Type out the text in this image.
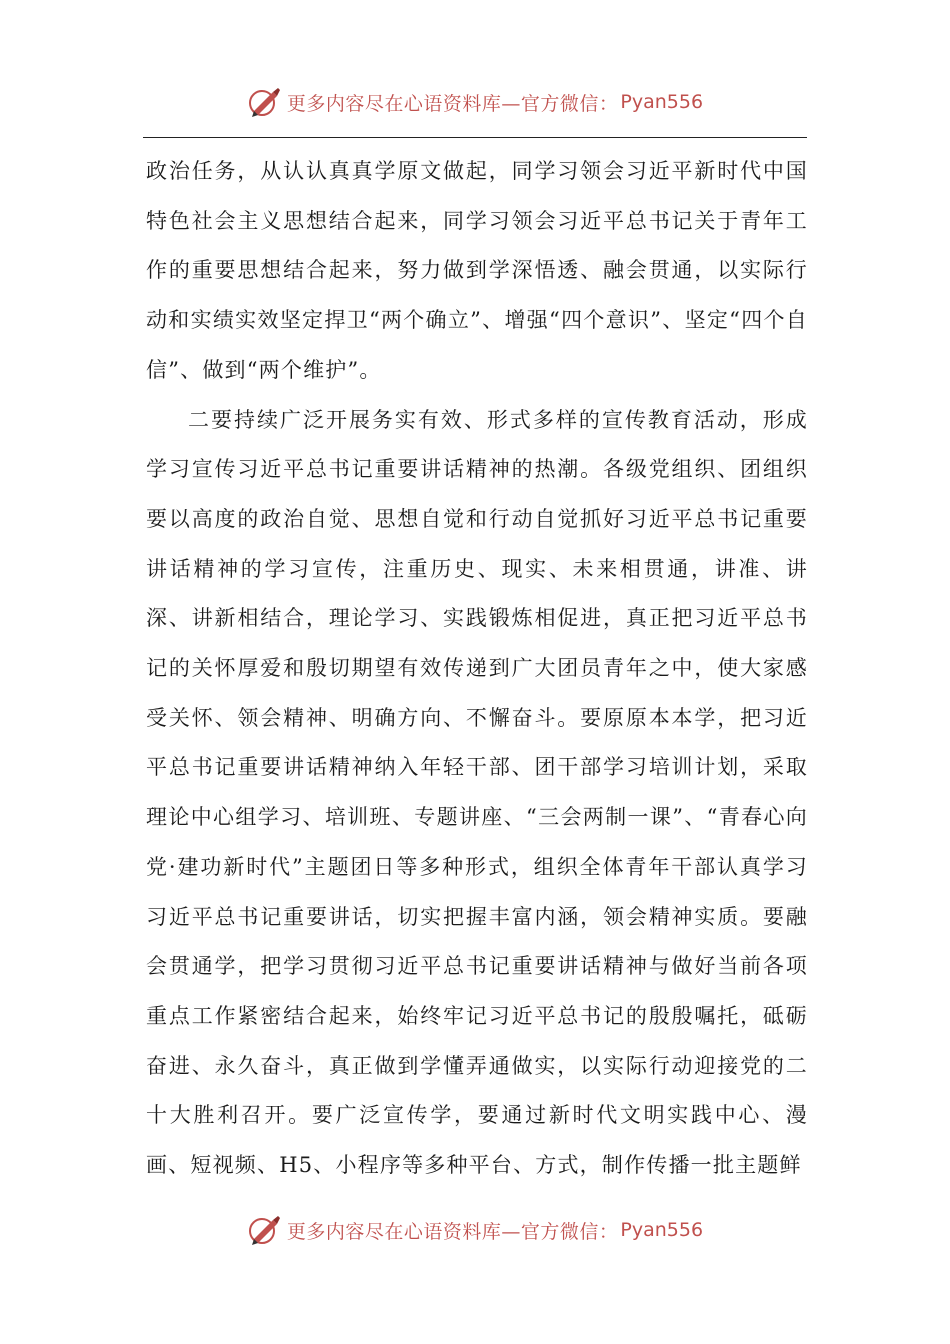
更多内容尽在心语资料库—官方微信： Pyan556

政治任务，从认认真真学原文做起，同学习领会习近平新时代中国特色社会主义思想结合起来，同学习领会习近平总书记关于青年工作的重要思想结合起来，努力做到学深悟透、融会贯通，以实际行动和实绩实效坚定捍卫“两个确立”、增强“四个意识”、坚定“四个自信”、做到“两个维护”。

二要持续广泛开展务实有效、形式多样的宣传教育活动，形成学习宣传习近平总书记重要讲话精神的热潮。各级党组织、团组织要以高度的政治自觉、思想自觉和行动自觉抓好习近平总书记重要讲话精神的学习宣传，注重历史、现实、未来相贯通，讲准、讲深、讲新相结合，理论学习、实践锻炼相促进，真正把习近平总书记的关怀厚爱和殷切期望有效传递到广大团员青年之中，使大家感受关怀、领会精神、明确方向、不懈奋斗。要原原本本学，把习近平总书记重要讲话精神纳入年轻干部、团干部学习培训计划，采取理论中心组学习、培训班、专题讲座、“三会两制一课”、“青春心向党·建功新时代”主题团日等多种形式，组织全体青年干部认真学习习近平总书记重要讲话，切实把握丰富内涵，领会精神实质。要融会贯通学，把学习贯彻习近平总书记重要讲话精神与做好当前各项重点工作紧密结合起来，始终牢记习近平总书记的殷殷嘱托，砥砺奋进、永久奋斗，真正做到学懂弄通做实，以实际行动迎接党的二十大胜利召开。要广泛宣传学，要通过新时代文明实践中心、漫画、短视频、H5、小程序等多种平台、方式，制作传播一批主题鲜

更多内容尽在心语资料库—官方微信： Pyan556
